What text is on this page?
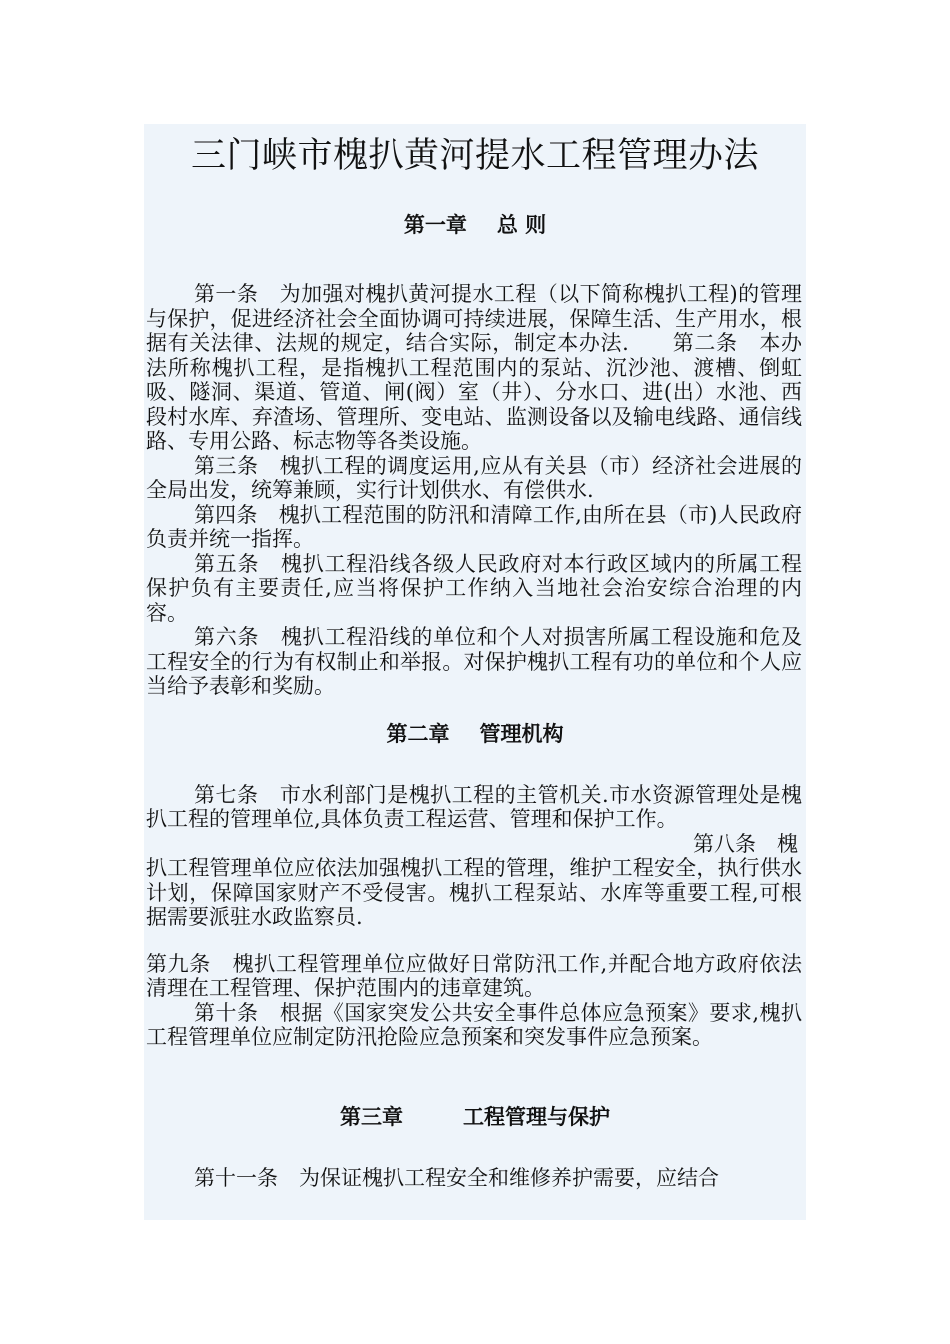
三门峡市槐扒黄河提水工程管理办法
第一章 总 则

第一条　为加强对槐扒黄河提水工程（以下简称槐扒工程)的管理与保护，促进经济社会全面协调可持续进展，保障生活、生产用水，根据有关法律、法规的规定，结合实际，制定本办法.　　第二条　本办法所称槐扒工程，是指槐扒工程范围内的泵站、沉沙池、渡槽、倒虹吸、隧洞、渠道、管道、闸(阀）室（井）、分水口、进(出）水池、西段村水库、弃渣场、管理所、变电站、监测设备以及输电线路、通信线路、专用公路、标志物等各类设施。

第三条　槐扒工程的调度运用,应从有关县（市）经济社会进展的全局出发，统筹兼顾，实行计划供水、有偿供水.

第四条　槐扒工程范围的防汛和清障工作,由所在县（市)人民政府负责并统一指挥。

第五条　槐扒工程沿线各级人民政府对本行政区域内的所属工程保护负有主要责任,应当将保护工作纳入当地社会治安综合治理的内容。

第六条　槐扒工程沿线的单位和个人对损害所属工程设施和危及工程安全的行为有权制止和举报。对保护槐扒工程有功的单位和个人应当给予表彰和奖励。

第二章 管理机构

第七条　市水利部门是槐扒工程的主管机关.市水资源管理处是槐扒工程的管理单位,具体负责工程运营、管理和保护工作。

第八条　槐
扒工程管理单位应依法加强槐扒工程的管理，维护工程安全，执行供水计划，保障国家财产不受侵害。槐扒工程泵站、水库等重要工程,可根据需要派驻水政监察员.

第九条　槐扒工程管理单位应做好日常防汛工作,并配合地方政府依法清理在工程管理、保护范围内的违章建筑。

第十条　根据《国家突发公共安全事件总体应急预案》要求,槐扒工程管理单位应制定防汛抢险应急预案和突发事件应急预案。

第三章	工程管理与保护

第十一条　为保证槐扒工程安全和维修养护需要，应结合
